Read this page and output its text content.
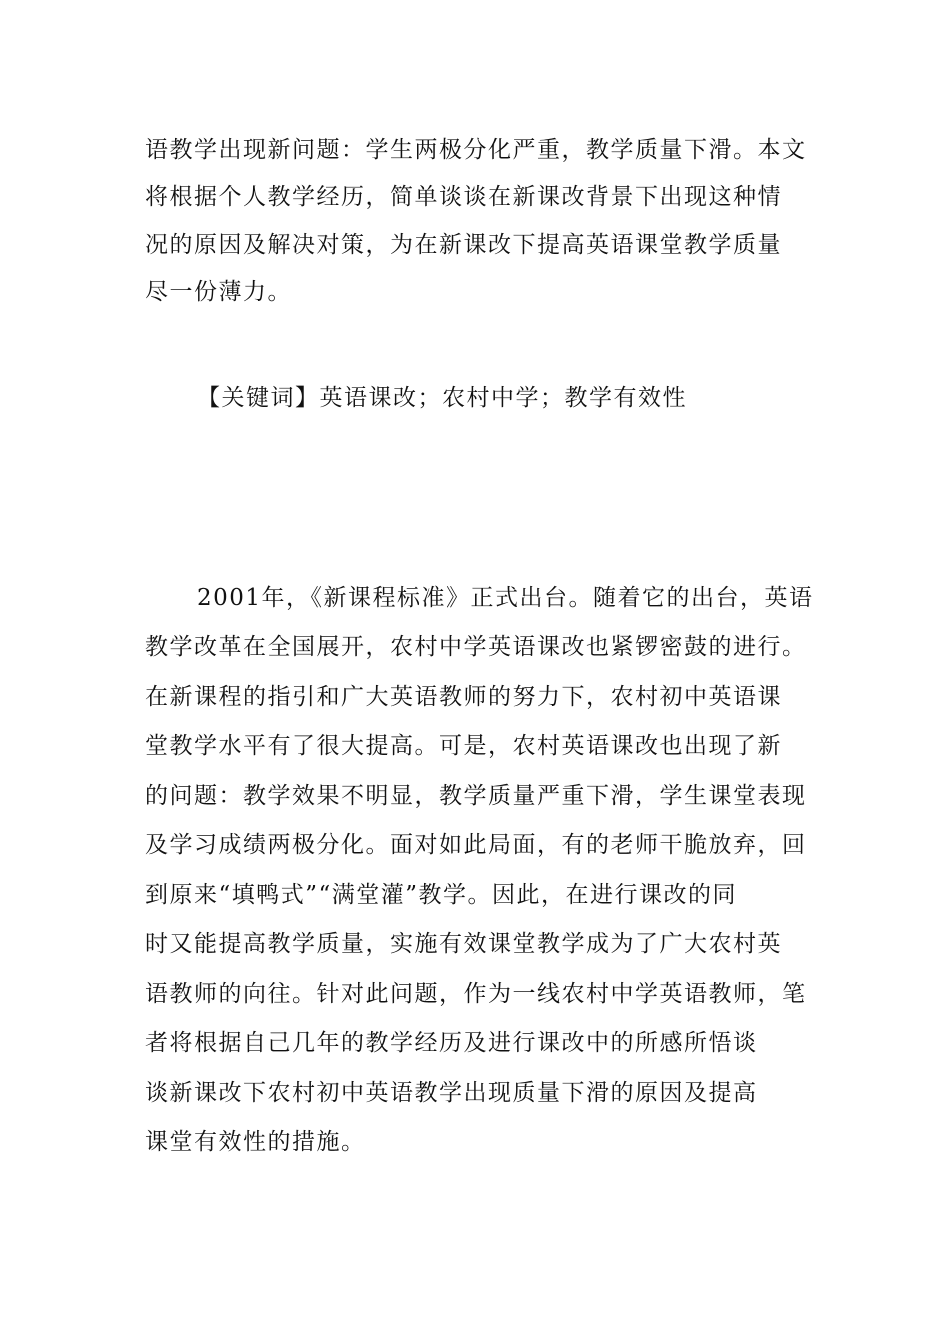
语教学出现新问题：学生两极分化严重，教学质量下滑。本文
将根据个人教学经历，简单谈谈在新课改背景下出现这种情
况的原因及解决对策，为在新课改下提高英语课堂教学质量
尽一份薄力。
【关键词】英语课改；农村中学；教学有效性
2001年，《新课程标准》正式出台。随着它的出台，英语
教学改革在全国展开，农村中学英语课改也紧锣密鼓的进行。
在新课程的指引和广大英语教师的努力下，农村初中英语课
堂教学水平有了很大提高。可是，农村英语课改也出现了新
的问题：教学效果不明显，教学质量严重下滑，学生课堂表现
及学习成绩两极分化。面对如此局面，有的老师干脆放弃，回
到原来“填鸭式”“满堂灌”教学。因此，在进行课改的同
时又能提高教学质量，实施有效课堂教学成为了广大农村英
语教师的向往。针对此问题，作为一线农村中学英语教师，笔
者将根据自己几年的教学经历及进行课改中的所感所悟谈
谈新课改下农村初中英语教学出现质量下滑的原因及提高
课堂有效性的措施。
